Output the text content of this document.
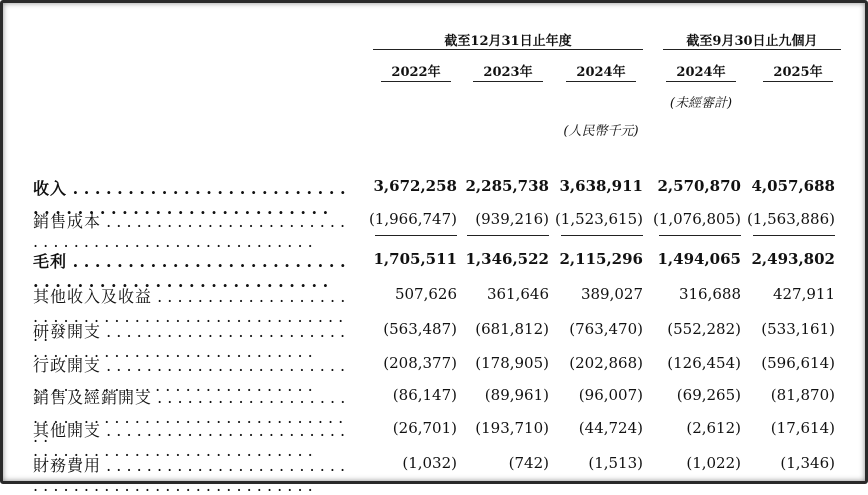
截至12月31日止年度	截至9月30日止九個月
2022年	2023年	2024年	2024年	2025年
(未經審計)
(人民幣千元)
收入 . . .	3,672,258 2,285,738 3,638,911 2,570,870 4,057,688
銷售成本 . . .	(1,966,747)	(939,216) (1,523,615) (1,076,805) (1,563,886)
毛利 . . .	1,705,511 1,346,522 2,115,296 1,494,065 2,493,802
其他收入及收益 . . .	507,626	361,646	389,027	316,688	427,911
研發開支 . . .	(563,487)	(681,812)	(763,470)	(552,282)	(533,161)
行政開支 . . .	(208,377)	(178,905)	(202,868)	(126,454)	(596,614)
銷售及經銷開支 . . .	(86,147)	(89,961)	(96,007)	(69,265)	(81,870)
其他開支 . . .	(26,701)	(193,710)	(44,724)	(2,612)	(17,614)
財務費用 . . .	(1,032)	(742)	(1,513)	(1,022)	(1,346)
